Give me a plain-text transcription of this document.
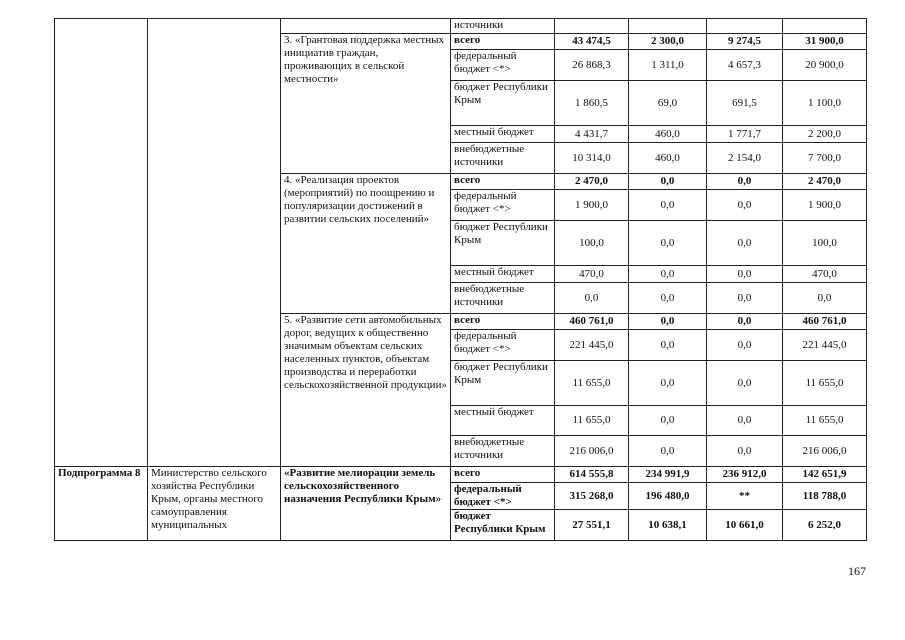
			источники				
		3. «Грантовая поддержка местных инициатив граждан, проживающих в сельской местности»	всего	43 474,5	2 300,0	9 274,5	31 900,0
			федеральный бюджет <*>	26 868,3	1 311,0	4 657,3	20 900,0
			бюджет Республики Крым	1 860,5	69,0	691,5	1 100,0
			местный бюджет	4 431,7	460,0	1 771,7	2 200,0
			внебюджетные источники	10 314,0	460,0	2 154,0	7 700,0
		4. «Реализация проектов (мероприятий) по поощрению и популяризации достижений в развитии сельских поселений»	всего	2 470,0	0,0	0,0	2 470,0
			федеральный бюджет <*>	1 900,0	0,0	0,0	1 900,0
			бюджет Республики Крым	100,0	0,0	0,0	100,0
			местный бюджет	470,0	0,0	0,0	470,0
			внебюджетные источники	0,0	0,0	0,0	0,0
		5. «Развитие сети автомобильных дорог, ведущих к общественно значимым объектам сельских населенных пунктов, объектам производства и переработки сельскохозяйственной продукции»	всего	460 761,0	0,0	0,0	460 761,0
			федеральный бюджет <*>	221 445,0	0,0	0,0	221 445,0
			бюджет Республики Крым	11 655,0	0,0	0,0	11 655,0
			местный бюджет	11 655,0	0,0	0,0	11 655,0
			внебюджетные источники	216 006,0	0,0	0,0	216 006,0
Подпрограмма 8	Министерство сельского хозяйства Республики Крым, органы местного самоуправления муниципальных	«Развитие мелиорации земель сельскохозяйственного назначения Республики Крым»	всего	614 555,8	234 991,9	236 912,0	142 651,9
			федеральный бюджет <*>	315 268,0	196 480,0	**	118 788,0
			бюджет Республики Крым	27 551,1	10 638,1	10 661,0	6 252,0
167
